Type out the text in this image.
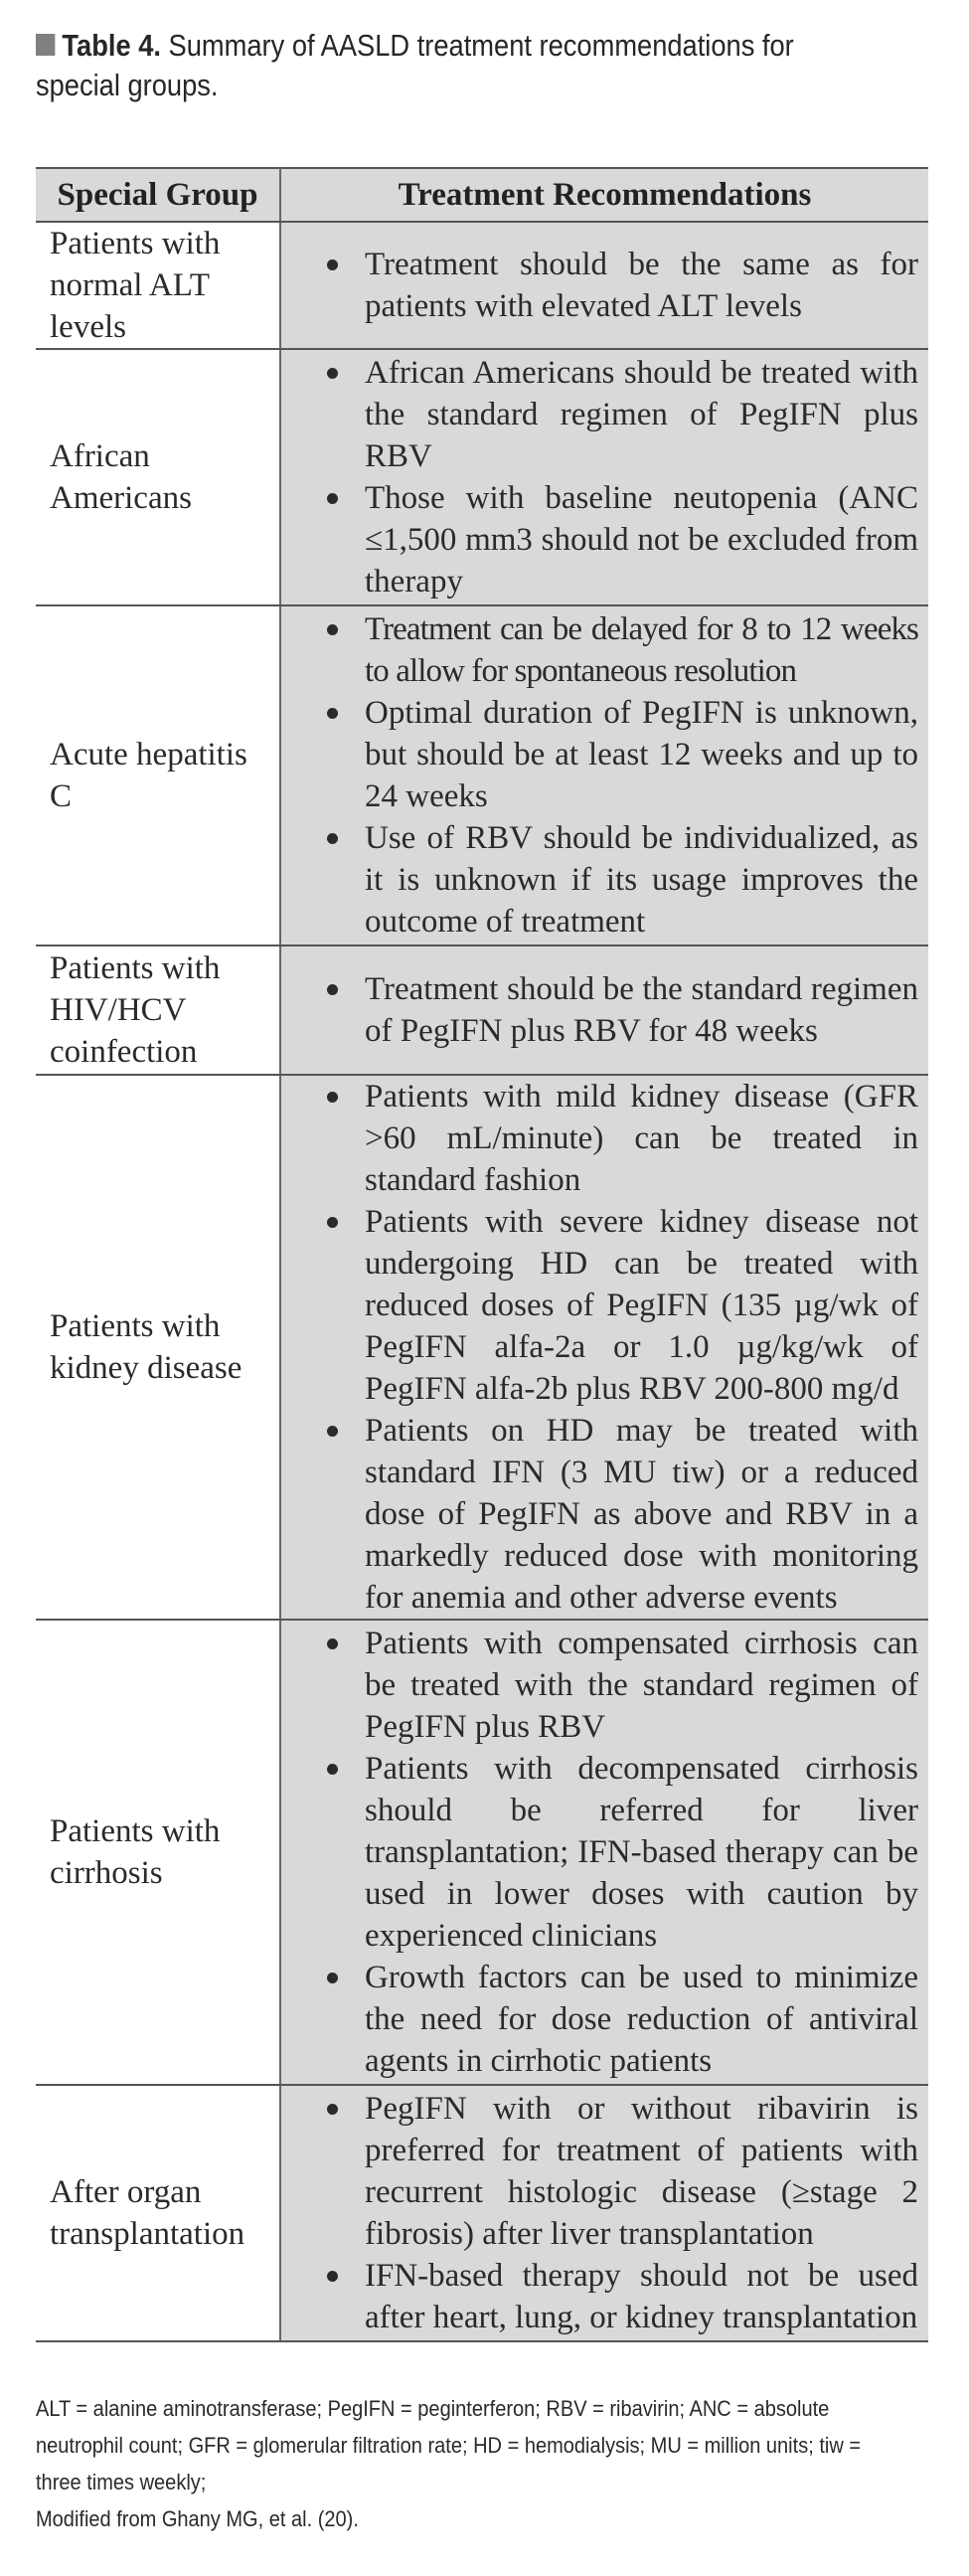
Table 4. Summary of AASLD treatment recommendations for special groups.
Special Group	Treatment Recommendations
Patients with normal ALT levels	Treatment should be the same as for patients with elevated ALT levels

African Americans	African Americans should be treated with the standard regimen of PegIFN plus RBV
Those with baseline neutopenia (ANC ≤1,500 mm3 should not be excluded from therapy

Acute hepatitis C	Treatment can be delayed for 8 to 12 weeks to allow for spontaneous resolution
Optimal duration of PegIFN is unknown, but should be at least 12 weeks and up to 24 weeks
Use of RBV should be individualized, as it is unknown if its usage improves the outcome of treatment

Patients with HIV/HCV coinfection	Treatment should be the standard regimen of PegIFN plus RBV for 48 weeks

Patients with kidney disease	Patients with mild kidney disease (GFR >60 mL/minute) can be treated in standard fashion
Patients with severe kidney disease not undergoing HD can be treated with reduced doses of PegIFN (135 µg/wk of PegIFN alfa-2a or 1.0 µg/kg/wk of PegIFN alfa-2b plus RBV 200-800 mg/d
Patients on HD may be treated with standard IFN (3 MU tiw) or a reduced dose of PegIFN as above and RBV in a markedly reduced dose with monitoring for anemia and other adverse events

Patients with cirrhosis	Patients with compensated cirrhosis can be treated with the standard regimen of PegIFN plus RBV
Patients with decompensated cirrhosis should be referred for liver transplantation; IFN-based therapy can be used in lower doses with caution by experienced clinicians
Growth factors can be used to minimize the need for dose reduction of antiviral agents in cirrhotic patients

After organ transplantation	PegIFN with or without ribavirin is preferred for treatment of patients with recurrent histologic disease (≥stage 2 fibrosis) after liver transplantation
IFN-based therapy should not be used after heart, lung, or kidney transplantation

ALT = alanine aminotransferase; PegIFN = peginterferon; RBV = ribavirin; ANC = absolute neutrophil count; GFR = glomerular filtration rate; HD = hemodialysis; MU = million units; tiw = three times weekly;

Modified from Ghany MG, et al. (20).
